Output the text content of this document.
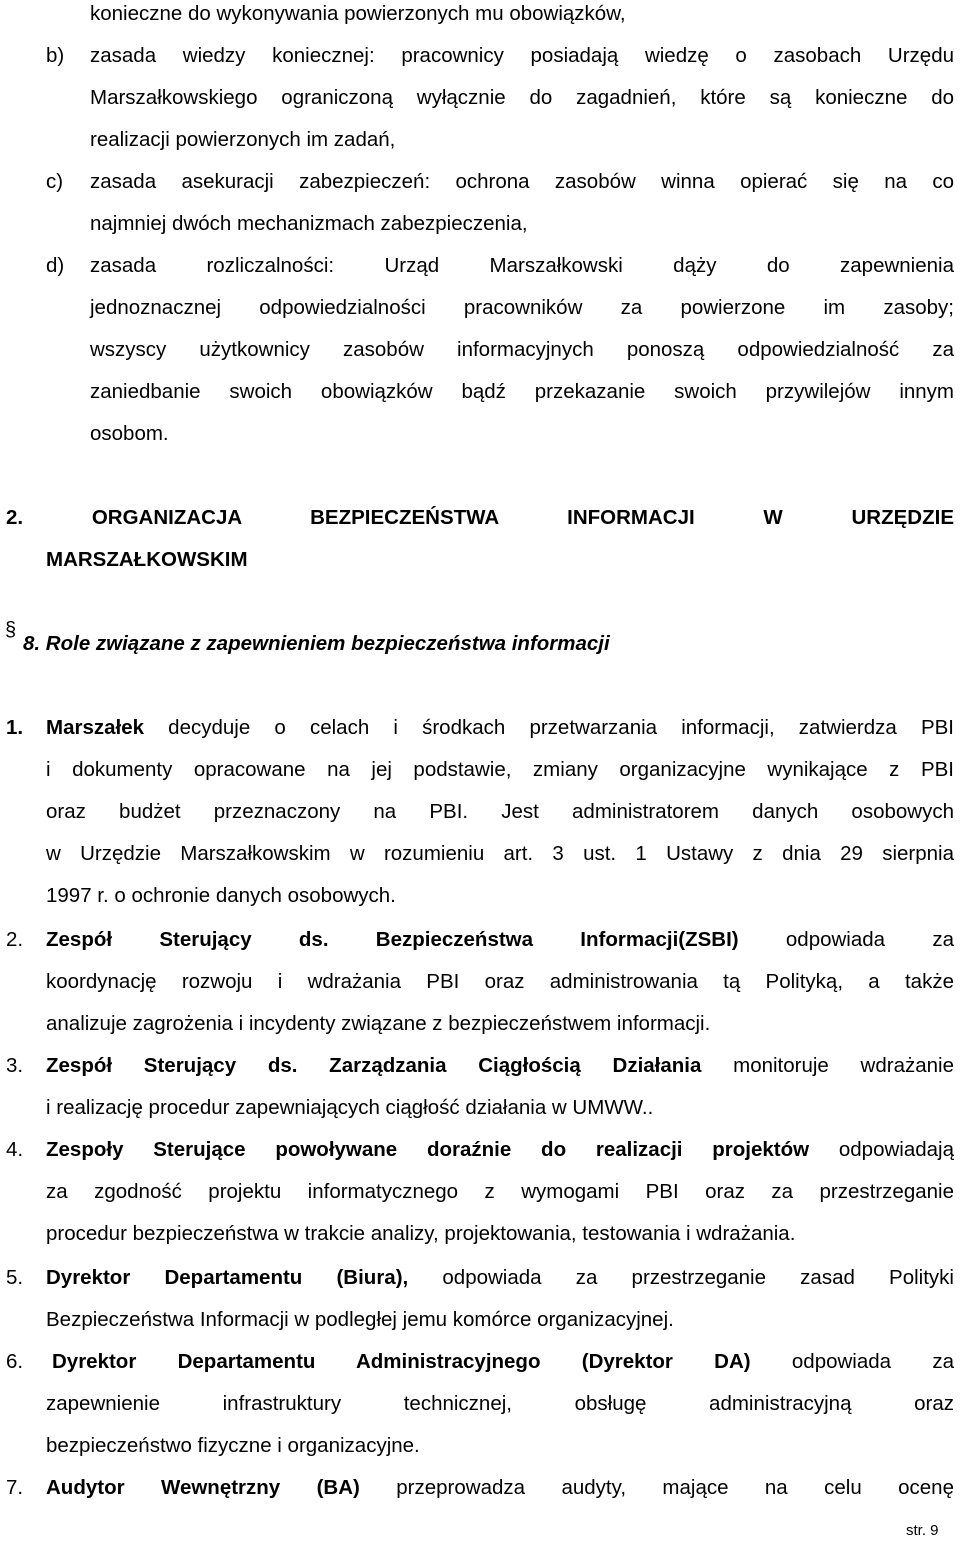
konieczne do wykonywania powierzonych mu obowiązków,
b) zasada wiedzy koniecznej: pracownicy posiadają wiedzę o zasobach Urzędu
Marszałkowskiego ograniczoną wyłącznie do zagadnień, które są konieczne do
realizacji powierzonych im zadań,
c) zasada asekuracji zabezpieczeń: ochrona zasobów winna opierać się na co
najmniej dwóch mechanizmach zabezpieczenia,
d) zasada rozliczalności: Urząd Marszałkowski dąży do zapewnienia
jednoznacznej odpowiedzialności pracowników za powierzone im zasoby;
wszyscy użytkownicy zasobów informacyjnych ponoszą odpowiedzialność za
zaniedbanie swoich obowiązków bądź przekazanie swoich przywilejów innym
osobom.
2. ORGANIZACJA BEZPIECZEŃSTWA INFORMACJI W URZĘDZIE
MARSZAŁKOWSKIM
§
8. Role związane z zapewnieniem bezpieczeństwa informacji
1. Marszałek decyduje o celach i środkach przetwarzania informacji, zatwierdza PBI
i dokumenty opracowane na jej podstawie, zmiany organizacyjne wynikające z PBI
oraz budżet przeznaczony na PBI. Jest administratorem danych osobowych
w Urzędzie Marszałkowskim w rozumieniu art. 3 ust. 1 Ustawy z dnia 29 sierpnia
1997 r. o ochronie danych osobowych.
2. Zespół Sterujący ds. Bezpieczeństwa Informacji(ZSBI) odpowiada za
koordynację rozwoju i wdrażania PBI oraz administrowania tą Polityką, a także
analizuje zagrożenia i incydenty związane z bezpieczeństwem informacji.
3. Zespół Sterujący ds. Zarządzania Ciągłością Działania monitoruje wdrażanie
i realizację procedur zapewniających ciągłość działania w UMWW..
4. Zespoły Sterujące powoływane doraźnie do realizacji projektów odpowiadają
za zgodność projektu informatycznego z wymogami PBI oraz za przestrzeganie
procedur bezpieczeństwa w trakcie analizy, projektowania, testowania i wdrażania.
5. Dyrektor Departamentu (Biura), odpowiada za przestrzeganie zasad Polityki
Bezpieczeństwa Informacji w podległej jemu komórce organizacyjnej.
6. Dyrektor Departamentu Administracyjnego (Dyrektor DA) odpowiada za
zapewnienie infrastruktury technicznej, obsługę administracyjną oraz
bezpieczeństwo fizyczne i organizacyjne.
7. Audytor Wewnętrzny (BA) przeprowadza audyty, mające na celu ocenę
str. 9
